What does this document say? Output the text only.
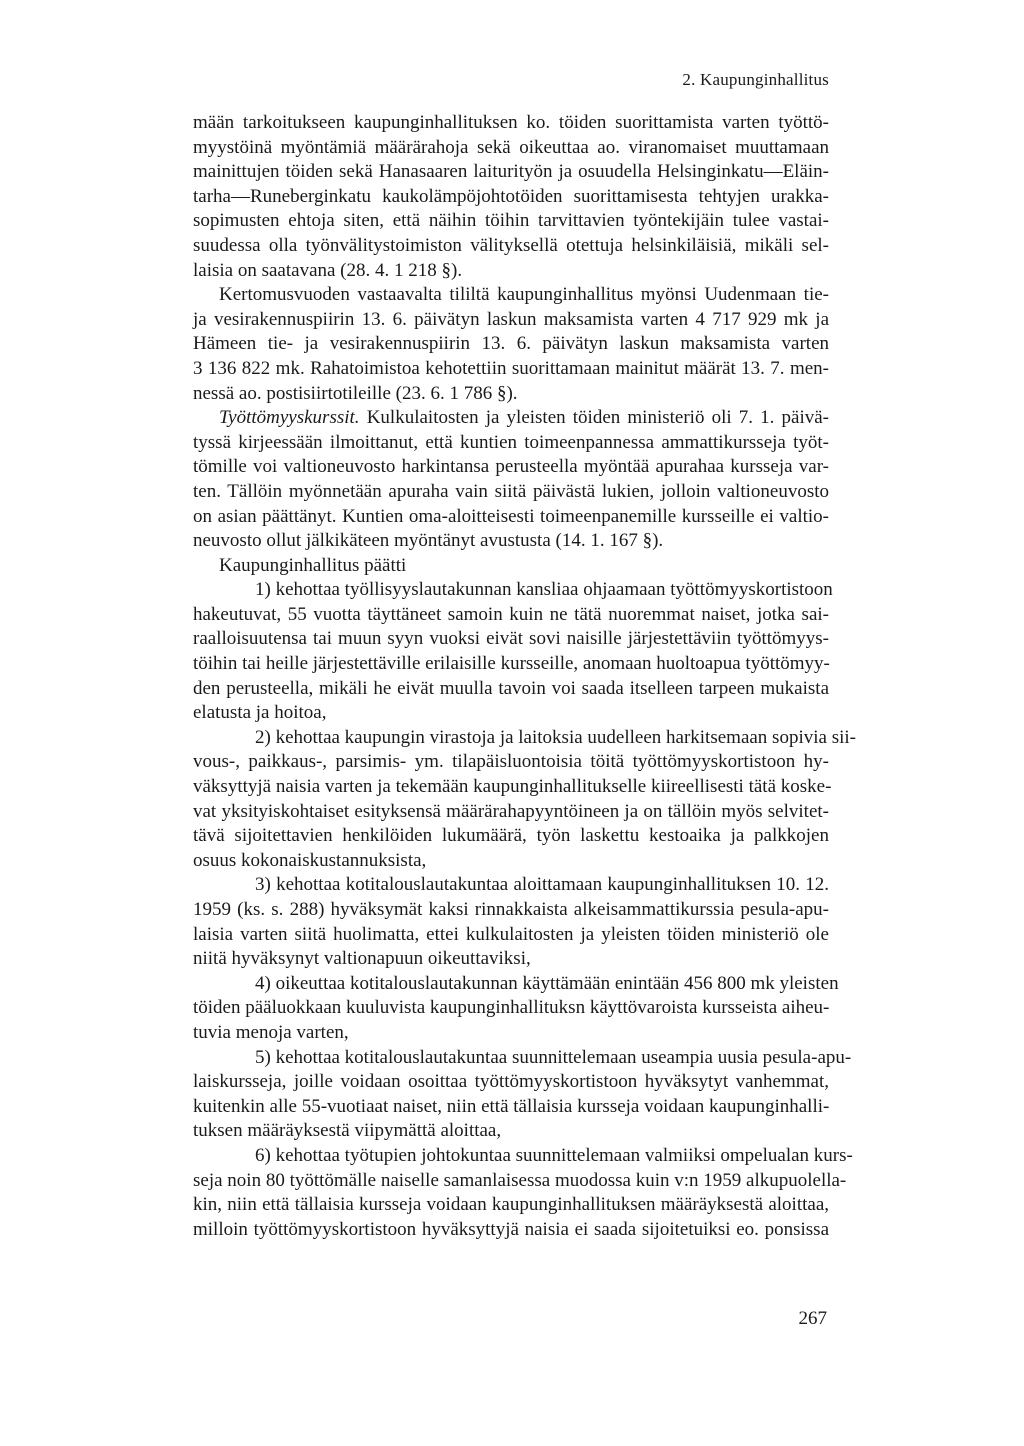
2. Kaupunginhallitus
mään tarkoitukseen kaupunginhallituksen ko. töiden suorittamista varten työttö-
myystöinä myöntämiä määrärahoja sekä oikeuttaa ao. viranomaiset muuttamaan
mainittujen töiden sekä Hanasaaren laiturityön ja osuudella Helsinginkatu—Eläin-
tarha—Runeberginkatu kaukolämpöjohtotöiden suorittamisesta tehtyjen urakka-
sopimusten ehtoja siten, että näihin töihin tarvittavien työntekijäin tulee vastai-
suudessa olla työnvälitystoimiston välityksellä otettuja helsinkiläisiä, mikäli sel-
laisia on saatavana (28. 4. 1 218 §).
Kertomusvuoden vastaavalta tililtä kaupunginhallitus myönsi Uudenmaan tie-
ja vesirakennuspiirin 13. 6. päivätyn laskun maksamista varten 4 717 929 mk ja
Hämeen tie- ja vesirakennuspiirin 13. 6. päivätyn laskun maksamista varten
3 136 822 mk. Rahatoimistoa kehotettiin suorittamaan mainitut määrät 13. 7. men-
nessä ao. postisiirtotileille (23. 6. 1 786 §).
Työttömyyskurssit. Kulkulaitosten ja yleisten töiden ministeriö oli 7. 1. päivä-
tyssä kirjeessään ilmoittanut, että kuntien toimeenpannessa ammattikursseja työt-
tömille voi valtioneuvosto harkintansa perusteella myöntää apurahaa kursseja var-
ten. Tällöin myönnetään apuraha vain siitä päivästä lukien, jolloin valtioneuvosto
on asian päättänyt. Kuntien oma-aloitteisesti toimeenpanemille kursseille ei valtio-
neuvosto ollut jälkikäteen myöntänyt avustusta (14. 1. 167 §).
Kaupunginhallitus päätti
1) kehottaa työllisyyslautakunnan kansliaa ohjaamaan työttömyyskortistoon
hakeutuvat, 55 vuotta täyttäneet samoin kuin ne tätä nuoremmat naiset, jotka sai-
raalloisuutensa tai muun syyn vuoksi eivät sovi naisille järjestettäviin työttömyys-
töihin tai heille järjestettäville erilaisille kursseille, anomaan huoltoapua työttömyy-
den perusteella, mikäli he eivät muulla tavoin voi saada itselleen tarpeen mukaista
elatusta ja hoitoa,
2) kehottaa kaupungin virastoja ja laitoksia uudelleen harkitsemaan sopivia sii-
vous-, paikkaus-, parsimis- ym. tilapäisluontoisia töitä työttömyyskortistoon hy-
väksyttyjä naisia varten ja tekemään kaupunginhallitukselle kiireellisesti tätä koske-
vat yksityiskohtaiset esityksensä määrärahapyyntöineen ja on tällöin myös selvitet-
tävä sijoitettavien henkilöiden lukumäärä, työn laskettu kestoaika ja palkkojen
osuus kokonaiskustannuksista,
3) kehottaa kotitalouslautakuntaa aloittamaan kaupunginhallituksen 10. 12.
1959 (ks. s. 288) hyväksymät kaksi rinnakkaista alkeisammattikurssia pesula-apu-
laisia varten siitä huolimatta, ettei kulkulaitosten ja yleisten töiden ministeriö ole
niitä hyväksynyt valtionapuun oikeuttaviksi,
4) oikeuttaa kotitalouslautakunnan käyttämään enintään 456 800 mk yleisten
töiden pääluokkaan kuuluvista kaupunginhallituksn käyttövaroista kursseista aiheu-
tuvia menoja varten,
5) kehottaa kotitalouslautakuntaa suunnittelemaan useampia uusia pesula-apu-
laiskursseja, joille voidaan osoittaa työttömyyskortistoon hyväksytyt vanhemmat,
kuitenkin alle 55-vuotiaat naiset, niin että tällaisia kursseja voidaan kaupunginhalli-
tuksen määräyksestä viipymättä aloittaa,
6) kehottaa työtupien johtokuntaa suunnittelemaan valmiiksi ompelualan kurs-
seja noin 80 työttömälle naiselle samanlaisessa muodossa kuin v:n 1959 alkupuolella-
kin, niin että tällaisia kursseja voidaan kaupunginhallituksen määräyksestä aloittaa,
milloin työttömyyskortistoon hyväksyttyjä naisia ei saada sijoitetuiksi eo. ponsissa
267
